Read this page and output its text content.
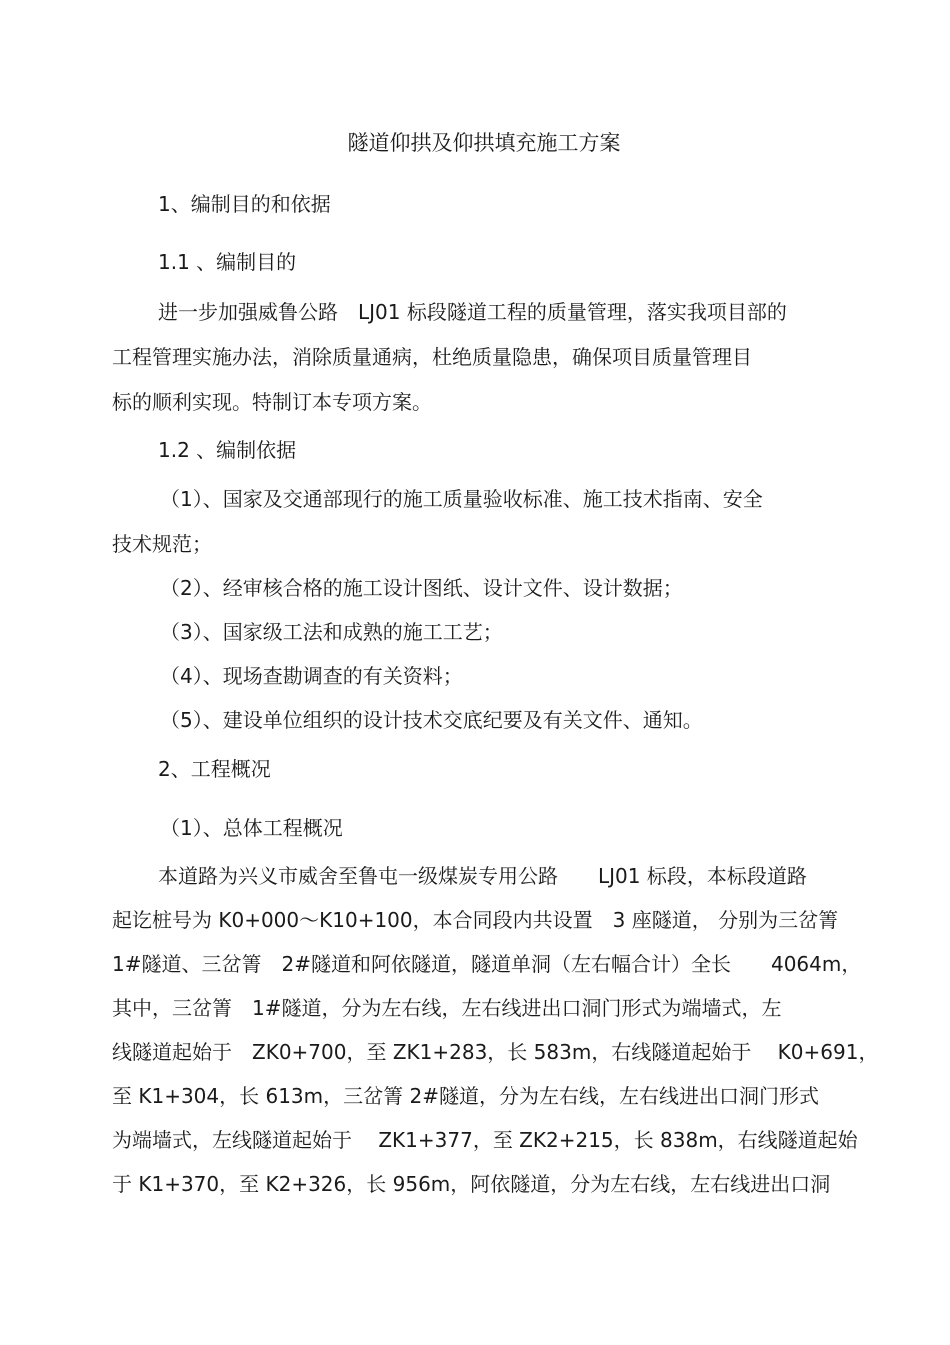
隧道仰拱及仰拱填充施工方案
1、编制目的和依据
1.1 、编制目的
进一步加强威鲁公路　LJ01 标段隧道工程的质量管理，落实我项目部的
工程管理实施办法，消除质量通病，杜绝质量隐患，确保项目质量管理目
标的顺利实现。特制订本专项方案。
1.2 、编制依据
（1）、国家及交通部现行的施工质量验收标准、施工技术指南、安全
技术规范；
（2）、经审核合格的施工设计图纸、设计文件、设计数据；
（3）、国家级工法和成熟的施工工艺；
（4）、现场查勘调查的有关资料；
（5）、建设单位组织的设计技术交底纪要及有关文件、通知。
2、工程概况
（1）、总体工程概况
本道路为兴义市威舍至鲁屯一级煤炭专用公路　　LJ01 标段，本标段道路
起讫桩号为 K0+000～K10+100，本合同段内共设置　3 座隧道， 分别为三岔箐
1#隧道、三岔箐　2#隧道和阿依隧道，隧道单洞（左右幅合计）全长　　4064m，
其中，三岔箐　1#隧道，分为左右线，左右线进出口洞门形式为端墙式，左
线隧道起始于　ZK0+700，至 ZK1+283，长 583m，右线隧道起始于　 K0+691，
至 K1+304，长 613m，三岔箐 2#隧道，分为左右线，左右线进出口洞门形式
为端墙式，左线隧道起始于　 ZK1+377，至 ZK2+215，长 838m，右线隧道起始
于 K1+370，至 K2+326，长 956m，阿依隧道，分为左右线，左右线进出口洞
